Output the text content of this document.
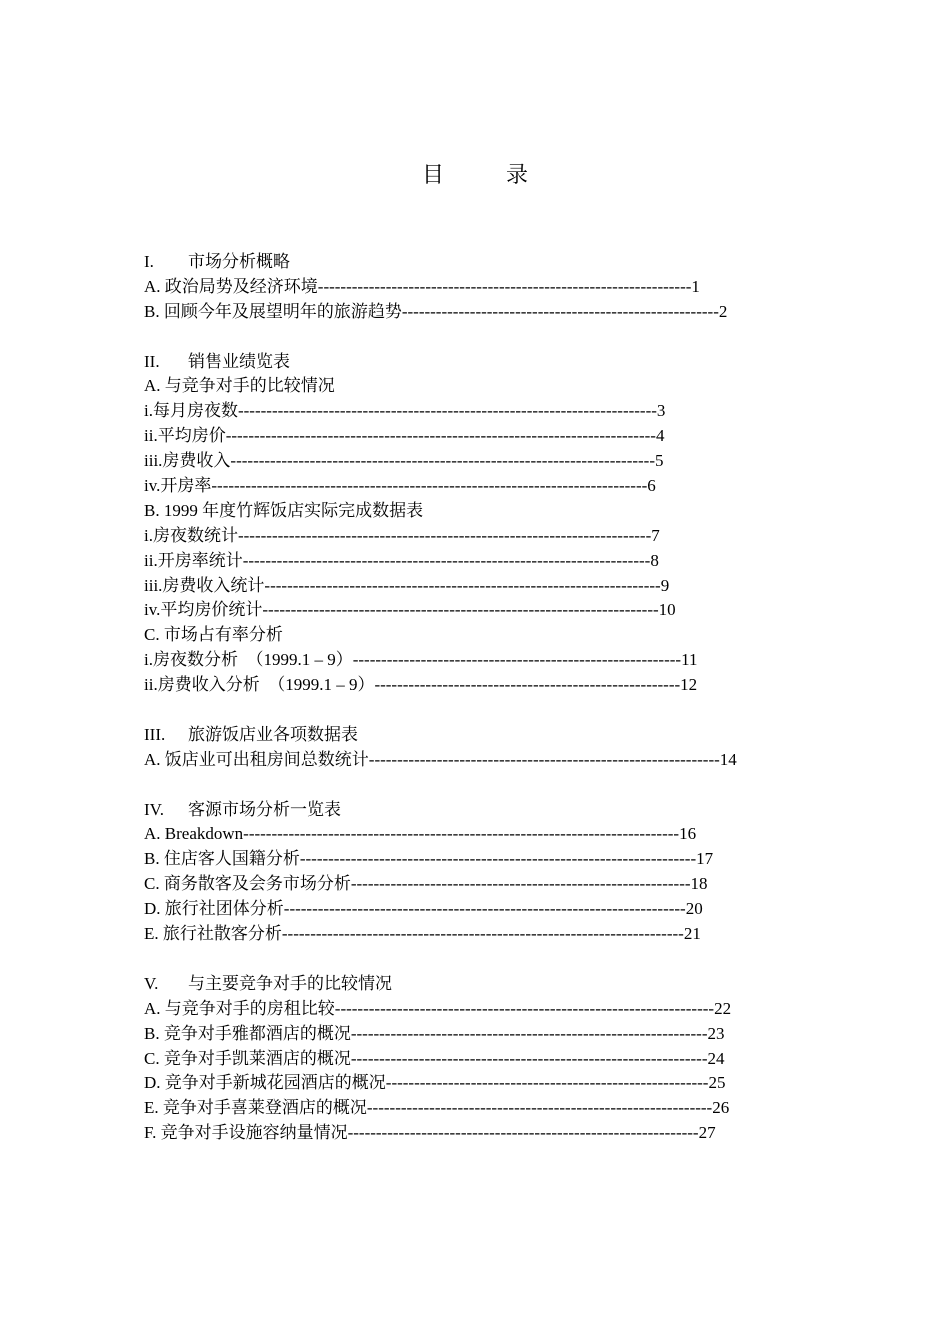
目	录
I. 市场分析概略
A. 政治局势及经济环境------------------------------------------------------------------1
B. 回顾今年及展望明年的旅游趋势--------------------------------------------------------2
II. 销售业绩览表
A. 与竞争对手的比较情况
i.每月房夜数--------------------------------------------------------------------------3
ii.平均房价----------------------------------------------------------------------------4
iii.房费收入---------------------------------------------------------------------------5
iv.开房率-----------------------------------------------------------------------------6
B. 1999 年度竹辉饭店实际完成数据表
i.房夜数统计-------------------------------------------------------------------------7
ii.开房率统计------------------------------------------------------------------------8
iii.房费收入统计----------------------------------------------------------------------9
iv.平均房价统计----------------------------------------------------------------------10
C. 市场占有率分析
i.房夜数分析　（1999.1 – 9）----------------------------------------------------------11
ii.房费收入分析　（1999.1 – 9）------------------------------------------------------12
III. 旅游饭店业各项数据表
A. 饭店业可出租房间总数统计--------------------------------------------------------------14
IV. 客源市场分析一览表
A. Breakdown-----------------------------------------------------------------------------16
B. 住店客人国籍分析----------------------------------------------------------------------17
C. 商务散客及会务市场分析------------------------------------------------------------18
D. 旅行社团体分析-----------------------------------------------------------------------20
E. 旅行社散客分析-----------------------------------------------------------------------21
V. 与主要竞争对手的比较情况
A. 与竞争对手的房租比较-------------------------------------------------------------------22
B. 竞争对手雅都酒店的概况---------------------------------------------------------------23
C. 竞争对手凯莱酒店的概况---------------------------------------------------------------24
D. 竞争对手新城花园酒店的概况---------------------------------------------------------25
E. 竞争对手喜莱登酒店的概况-------------------------------------------------------------26
F. 竞争对手设施容纳量情况--------------------------------------------------------------27
